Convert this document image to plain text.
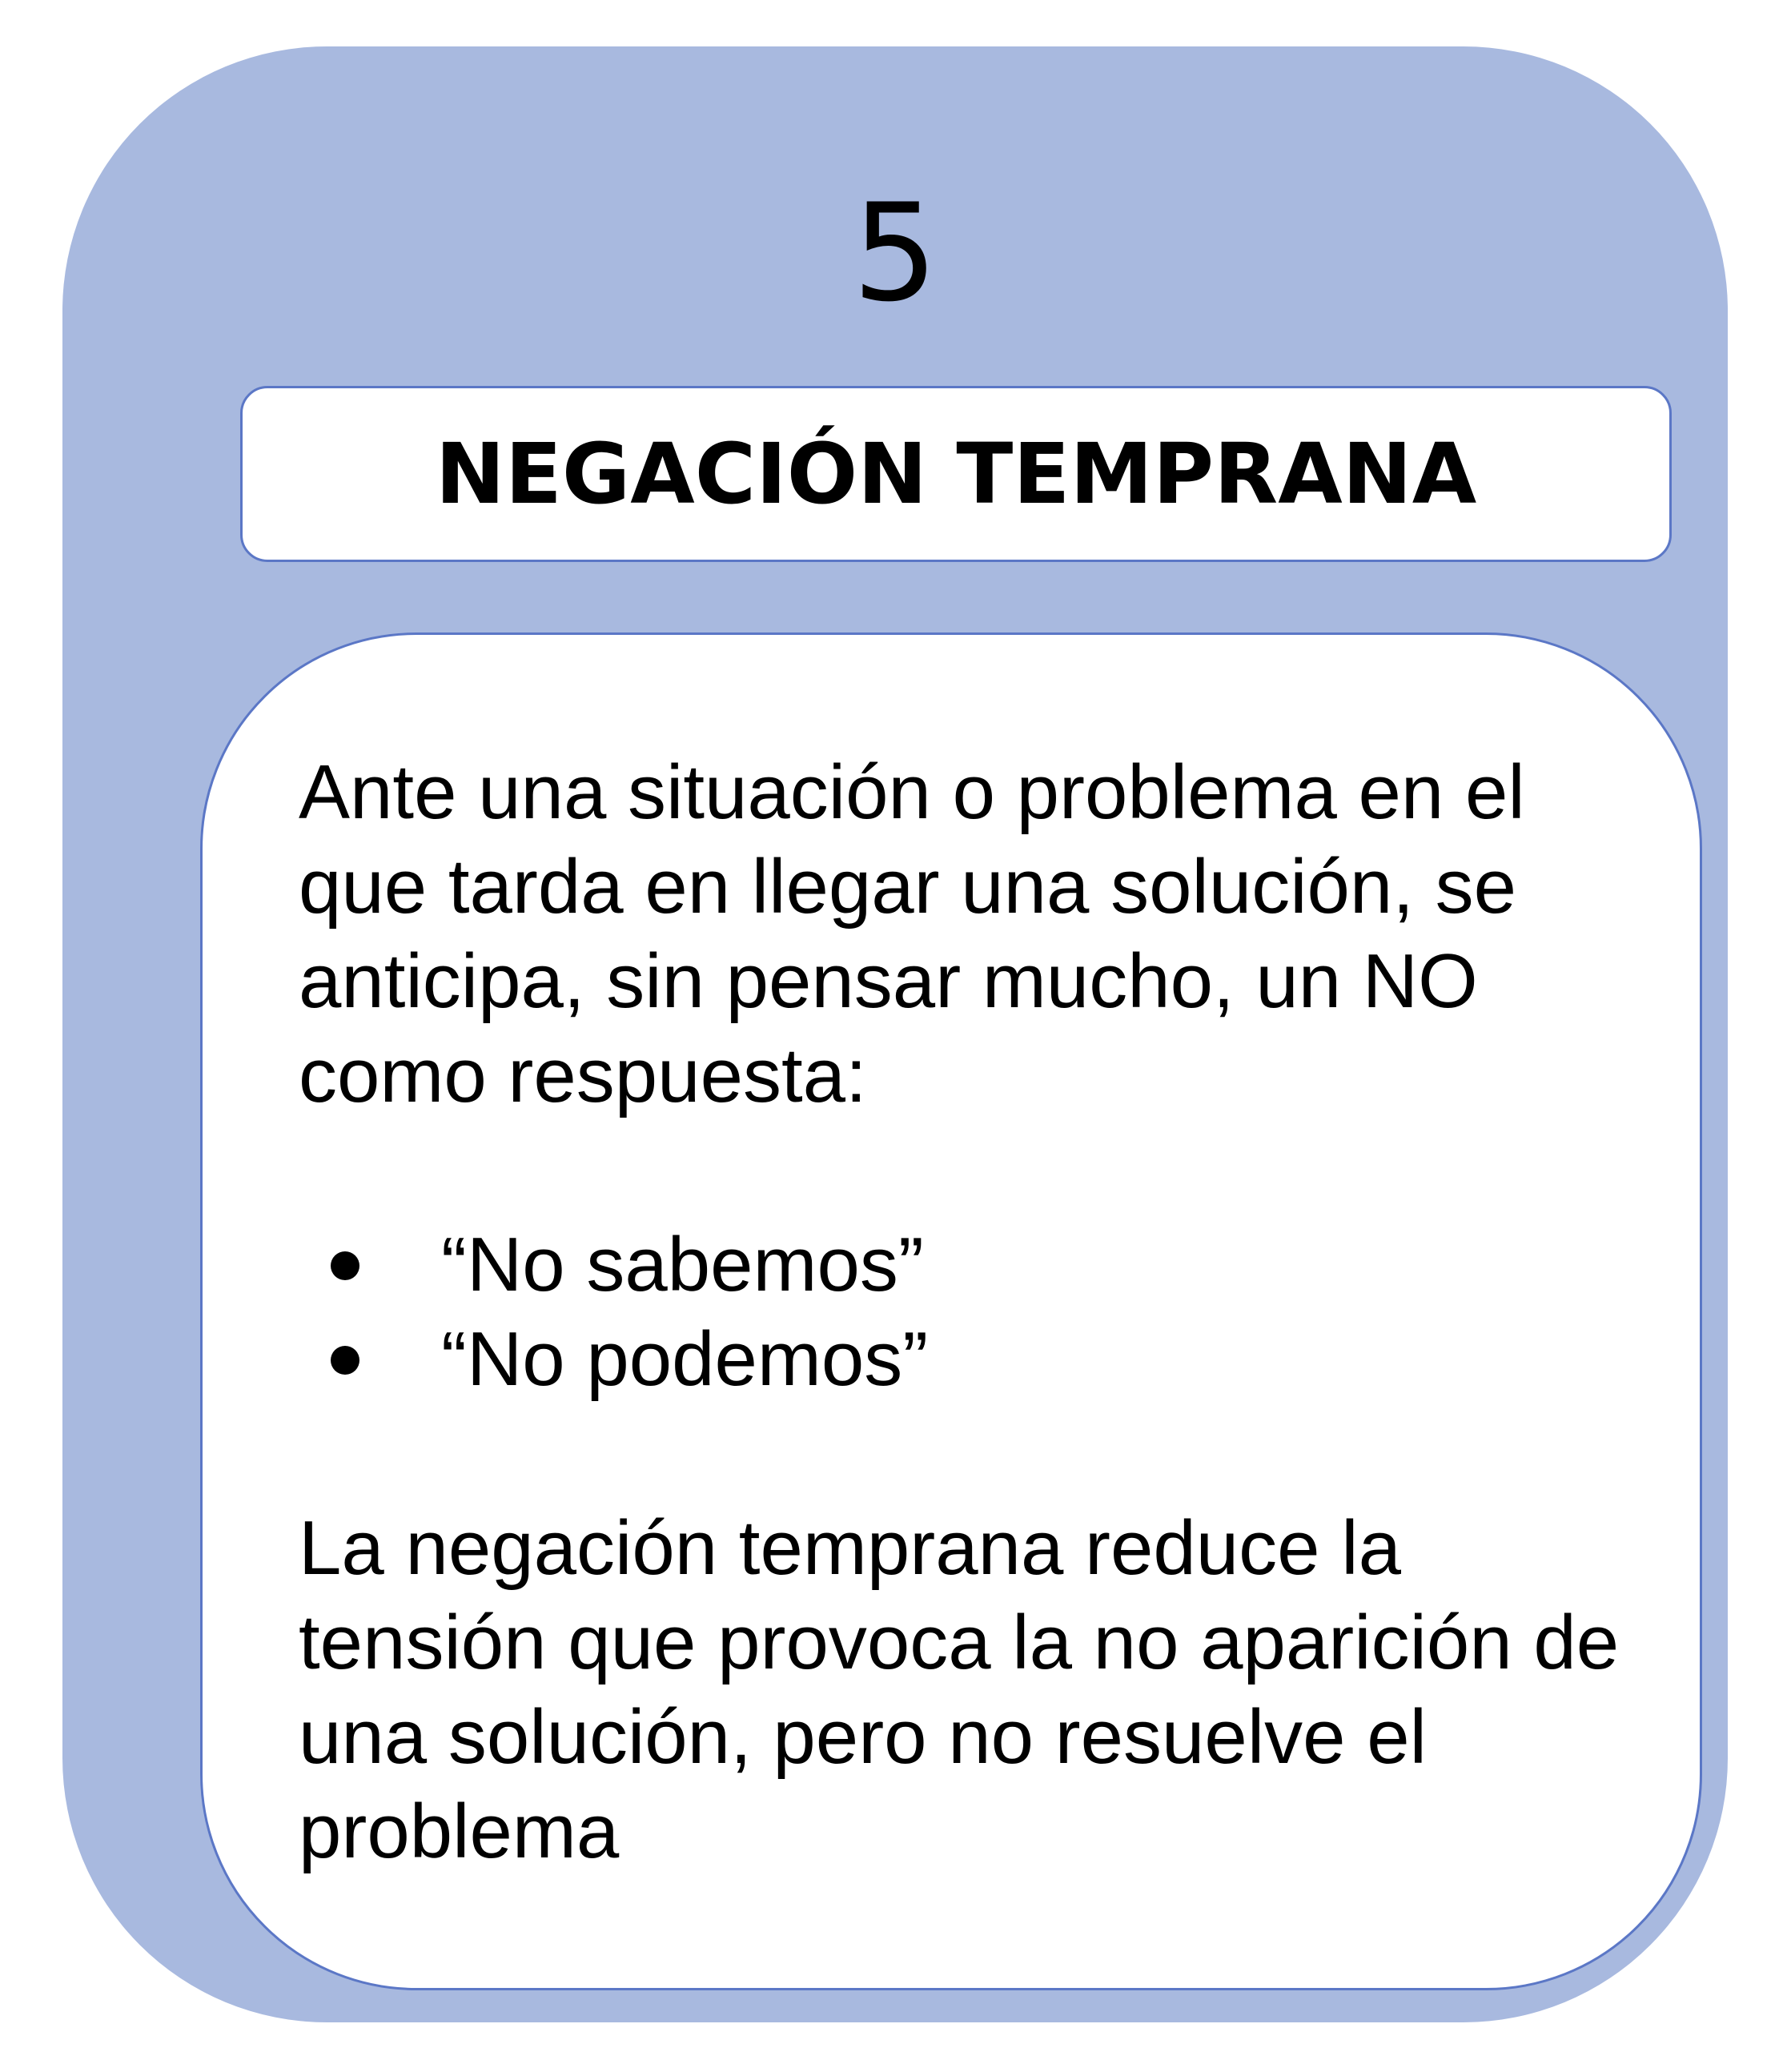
5
NEGACIÓN TEMPRANA

Ante una situación o problema en el que tarda en llegar una solución, se anticipa, sin pensar mucho, un NO como respuesta:

“No sabemos”
“No podemos”

La negación temprana reduce la tensión que provoca la no aparición de una solución, pero no resuelve el problema
